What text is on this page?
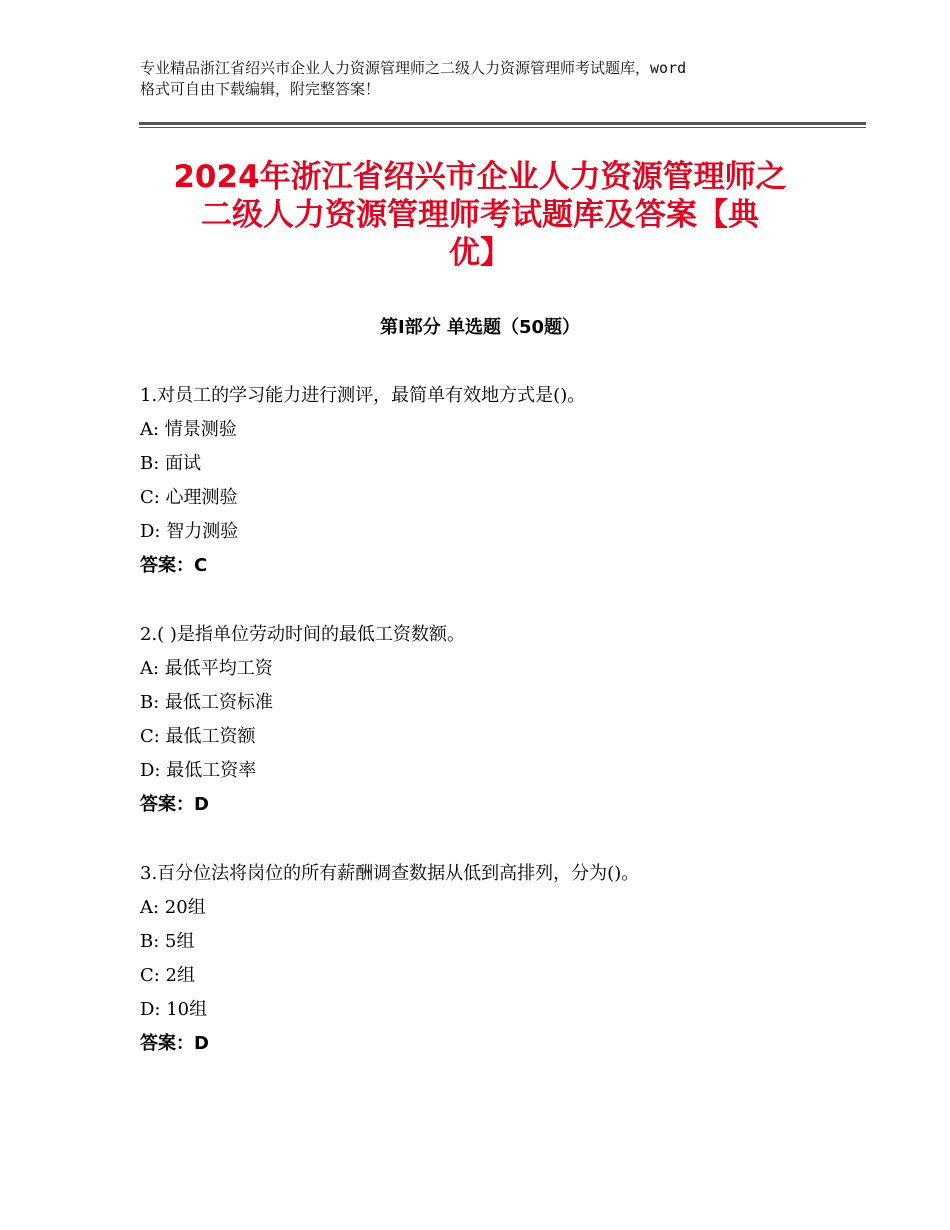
专业精品浙江省绍兴市企业人力资源管理师之二级人力资源管理师考试题库，word
格式可自由下载编辑，附完整答案！
2024年浙江省绍兴市企业人力资源管理师之
二级人力资源管理师考试题库及答案【典
优】
第Ⅰ部分 单选题（50题）
1.对员工的学习能力进行测评，最简单有效地方式是()。
A: 情景测验
B: 面试
C: 心理测验
D: 智力测验
答案：C
2.( )是指单位劳动时间的最低工资数额。
A: 最低平均工资
B: 最低工资标准
C: 最低工资额
D: 最低工资率
答案：D
3.百分位法将岗位的所有薪酬调查数据从低到高排列，分为()。
A: 20组
B: 5组
C: 2组
D: 10组
答案：D
